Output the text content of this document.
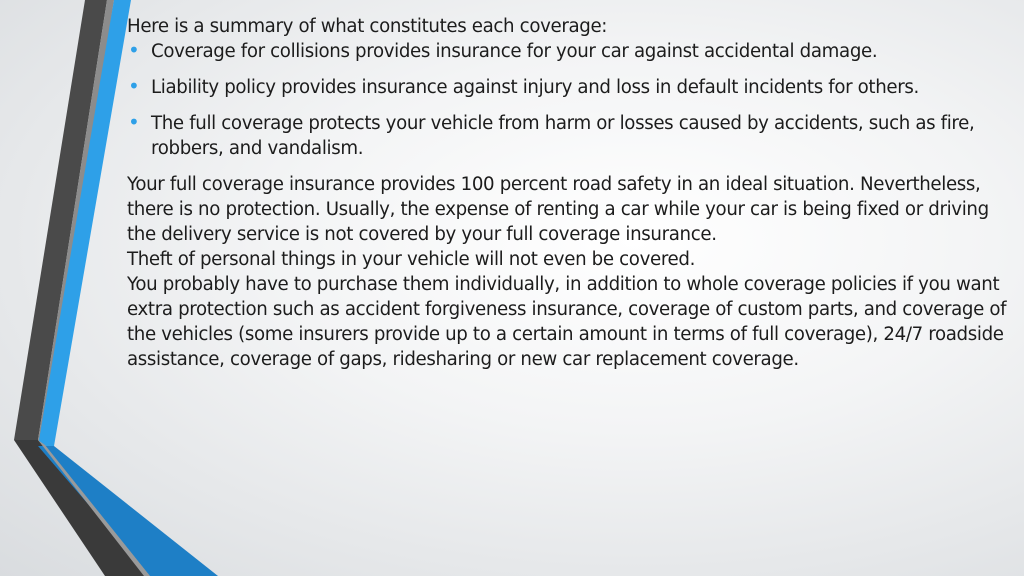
Here is a summary of what constitutes each coverage:

• Coverage for collisions provides insurance for your car against accidental damage.
• Liability policy provides insurance against injury and loss in default incidents for others.
• The full coverage protects your vehicle from harm or losses caused by accidents, such as fire, robbers, and vandalism.

Your full coverage insurance provides 100 percent road safety in an ideal situation. Nevertheless, there is no protection. Usually, the expense of renting a car while your car is being fixed or driving the delivery service is not covered by your full coverage insurance.

Theft of personal things in your vehicle will not even be covered.

You probably have to purchase them individually, in addition to whole coverage policies if you want extra protection such as accident forgiveness insurance, coverage of custom parts, and coverage of the vehicles (some insurers provide up to a certain amount in terms of full coverage), 24/7 roadside assistance, coverage of gaps, ridesharing or new car replacement coverage.
